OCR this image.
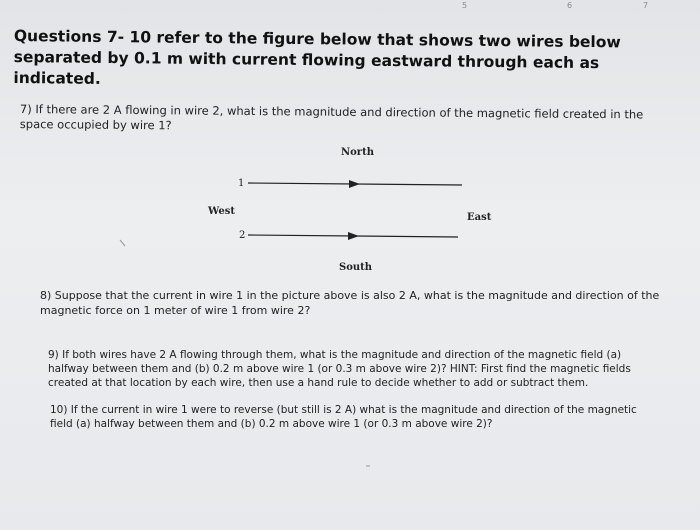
5	6	7
Questions 7- 10 refer to the figure below that shows two wires below separated by 0.1 m with current flowing eastward through each as indicated.
7) If there are 2 A flowing in wire 2, what is the magnitude and direction of the magnetic field created in the space occupied by wire 1?
North
West
East
South
1
2
8) Suppose that the current in wire 1 in the picture above is also 2 A, what is the magnitude and direction of the magnetic force on 1 meter of wire 1 from wire 2?
9) If both wires have 2 A flowing through them, what is the magnitude and direction of the magnetic field (a) halfway between them and (b) 0.2 m above wire 1 (or 0.3 m above wire 2)? HINT: First find the magnetic fields created at that location by each wire, then use a hand rule to decide whether to add or subtract them.
10) If the current in wire 1 were to reverse (but still is 2 A) what is the magnitude and direction of the magnetic field (a) halfway between them and (b) 0.2 m above wire 1 (or 0.3 m above wire 2)?
